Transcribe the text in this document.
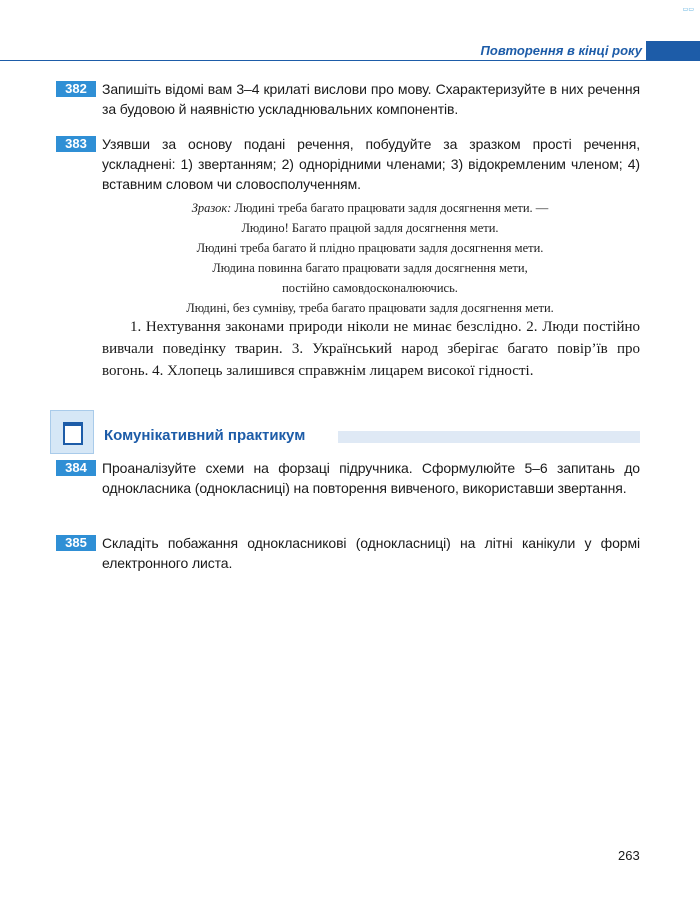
▭▭
Повторення в кінці року
382	Запишіть відомі вам 3–4 крилаті вислови про мову. Схарактеризуйте в них речення за будовою й наявністю ускладнювальних компонентів.
383	Узявши за основу подані речення, побудуйте за зразком прості речення, ускладнені: 1) звертанням; 2) однорідними членами; 3) відокремленим членом; 4) вставним словом чи словосполученням.

Зразок: Людині треба багато працювати задля досягнення мети. —

Людино! Багато працюй задля досягнення мети.

Людині треба багато й плідно працювати задля досягнення мети.

Людина повинна багато працювати задля досягнення мети,

постійно самовдосконалюючись.

Людині, без сумніву, треба багато працювати задля досягнення мети.

1. Нехтування законами природи ніколи не минає безслідно. 2. Люди постійно вивчали поведінку тварин. 3. Український народ зберігає багато повір’їв про вогонь. 4. Хлопець залишився справжнім лицарем високої гідності.
Комунікативний практикум
384	Проаналізуйте схеми на форзаці підручника. Сформулюйте 5–6 запитань до однокласника (однокласниці) на повторення вивченого, використавши звертання.
385	Складіть побажання однокласникові (однокласниці) на літні канікули у формі електронного листа.
263
